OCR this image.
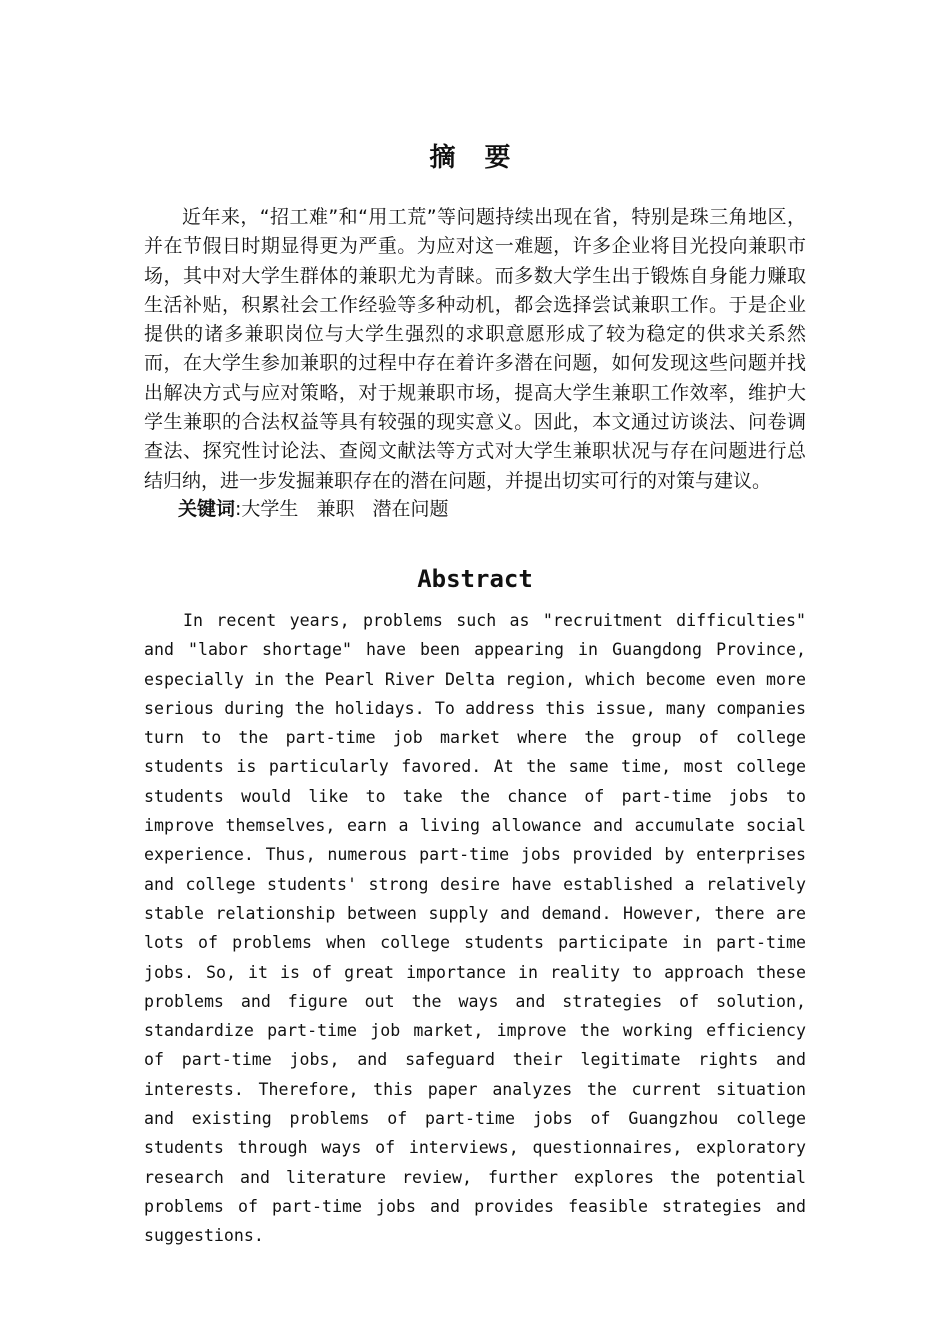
摘 要

近年来，“招工难”和“用工荒”等问题持续出现在省，特别是珠三角地区，并在节假日时期显得更为严重。为应对这一难题，许多企业将目光投向兼职市场，其中对大学生群体的兼职尤为青睐。而多数大学生出于锻炼自身能力赚取生活补贴，积累社会工作经验等多种动机，都会选择尝试兼职工作。于是企业提供的诸多兼职岗位与大学生强烈的求职意愿形成了较为稳定的供求关系然而，在大学生参加兼职的过程中存在着许多潜在问题，如何发现这些问题并找出解决方式与应对策略，对于规兼职市场，提高大学生兼职工作效率，维护大学生兼职的合法权益等具有较强的现实意义。因此，本文通过访谈法、问卷调查法、探究性讨论法、查阅文献法等方式对大学生兼职状况与存在问题进行总结归纳，进一步发掘兼职存在的潜在问题，并提出切实可行的对策与建议。

关键词:大学生 兼职 潜在问题

Abstract

In recent years, problems such as "recruitment difficulties" and "labor shortage" have been appearing in Guangdong Province, especially in the Pearl River Delta region, which become even more serious during the holidays. To address this issue, many companies turn to the part-time job market where the group of college students is particularly favored. At the same time, most college students would like to take the chance of part-time jobs to improve themselves, earn a living allowance and accumulate social experience. Thus, numerous part-time jobs provided by enterprises and college students' strong desire have established a relatively stable relationship between supply and demand. However, there are lots of problems when college students participate in part-time jobs. So, it is of great importance in reality to approach these problems and figure out the ways and strategies of solution, standardize part-time job market, improve the working efficiency of part-time jobs, and safeguard their legitimate rights and interests. Therefore, this paper analyzes the current situation and existing problems of part-time jobs of Guangzhou college students through ways of interviews, questionnaires, exploratory research and literature review, further explores the potential problems of part-time jobs and provides feasible strategies and suggestions.
